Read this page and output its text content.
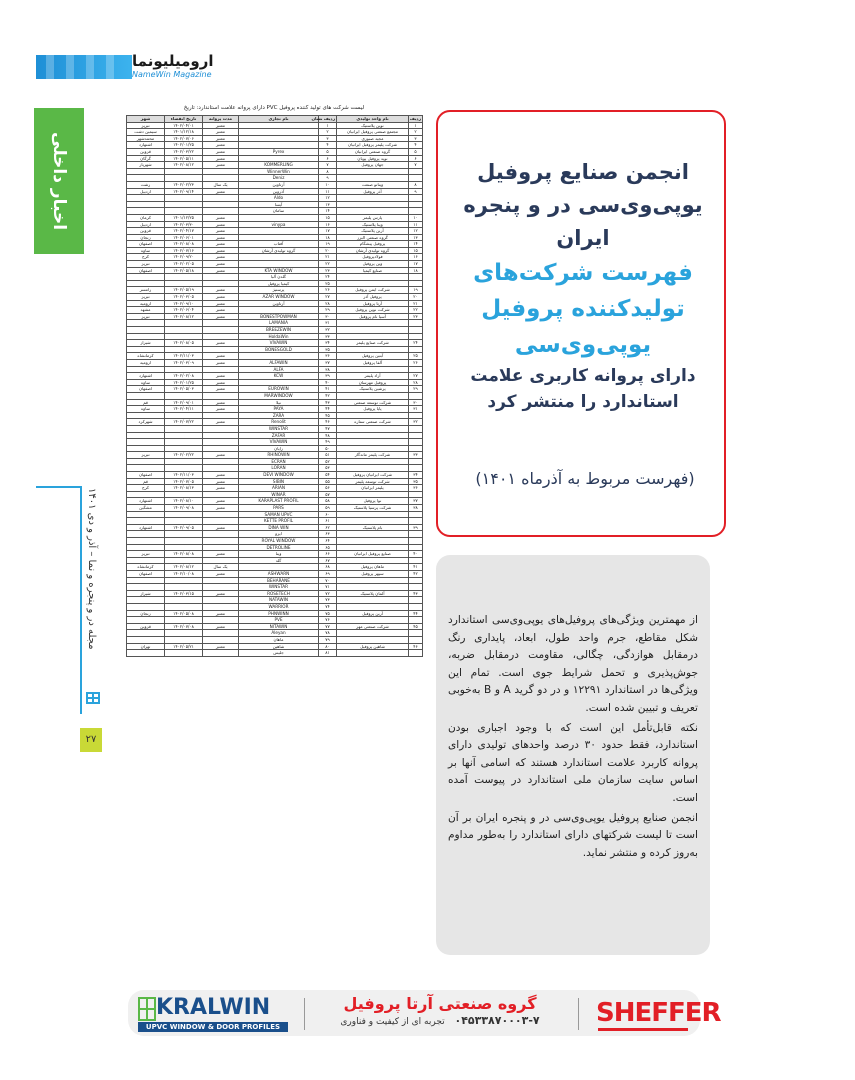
ارومیلیونما
NameWin Magazine
اخبار داخلی
مجله در و پنجره و نما – آذر و دی ۱۴۰۱
۲۷
لیست شرکت های تولید کننده پروفیل PVC دارای پروانه علامت استاندارد: تاریخ
ردیف	نام واحد تولیدی	ردیف نشان	نام تجاری	مدت پروانه	تاریخ انقضاء	شهر
۱	نوین پلاستیک	۱		معتبر	۱۴۰۲/۰۴/۰۱	تبریز
۲	مجتمع صنعتی پروفیل ایرانیان	۲		معتبر	۱۴۰۱/۱۲/۱۸	سیمین دشت
۳	مجید صبوری	۳		معتبر	۱۴۰۲/۰۷/۰۶	محمدشهر
۴	شرکت پلیمر پروفیل ایرانیان	۴		معتبر	۱۴۰۲/۰۱/۲۵	اشتهارد
۵	گروه صنعتی ایرانیان	۵	Pyrex	معتبر	۱۴۰۲/۰۳/۲۲	قزوین
۶	نوید پروفیل پویان	۶		معتبر	۱۴۰۲/۰۵/۱۱	گرگان
۷	جهان پروفیل	۷	KOMMERLING	معتبر	۱۴۰۲/۰۸/۱۲	شهریار
		۸	WinnerWin			
		۹	Deniz			
۸	ویناتو صنعت	۱۰	آرتاوین	یک سال	۱۴۰۲/۰۲/۲۳	رشت
۹	آذر پروفیل	۱۱	آذروین	معتبر	۱۴۰۲/۰۹/۱۴	اردبیل
		۱۲	Aldo			
		۱۳	آیسا			
		۱۴	سامان			
۱۰	پارس پلیمر	۱۵		معتبر	۱۴۰۱/۱۲/۲۵	کرمان
۱۱	وینا پلاستیک	۱۶	vinypa	معتبر	۱۴۰۲/۰۳/۳۰	اردبیل
۱۲	آرین پلاستیک	۱۷		معتبر	۱۴۰۲/۰۴/۱۷	قزوین
۱۳	گروه صنعتی البرز	۱۸		معتبر	۱۴۰۲/۰۶/۰۱	زنجان
۱۴	پروفیل پیشگام	۱۹	آفتاب	معتبر	۱۴۰۲/۰۸/۰۸	اصفهان
۱۵	گروه تولیدی آرشان	۲۰	گروه تولیدی آرشان	معتبر	۱۴۰۲/۰۷/۱۶	ساوه
۱۶	فولادپروفیل	۲۱		معتبر	۱۴۰۲/۰۹/۲۰	کرج
۱۷	وین پروفیل	۲۲		معتبر	۱۴۰۲/۰۲/۰۵	تبریز
۱۸	صنایع کیمیا	۲۳	KTA WINDOW	معتبر	۱۴۰۲/۰۵/۱۸	اصفهان
		۲۴	گلدن آلبا			
		۲۵	کیمیا پروفیل			
۱۹	شرکت ایمن پروفیل	۲۶	پرستیژ	معتبر	۱۴۰۲/۰۵/۱۹	رامسر
۲۰	پروفیل آذر	۲۷	AZAR WINDOW	معتبر	۱۴۰۲/۰۳/۰۵	تبریز
۲۱	آرتا پروفیل	۲۸	آرتاوین	معتبر	۱۴۰۲/۰۹/۱۰	ارومیه
۲۲	شرکت نوین پروفیل	۲۹		معتبر	۱۴۰۲/۰۶/۰۴	مشهد
۲۳	آسیا نام پروفیل	۳۰	BONESTPOWMAN	معتبر	۱۴۰۲/۰۸/۱۲	تبریز
		۳۱	LAMANIA			
		۳۲	BREEZEWIN			
		۳۳	HoldaWin			
۲۴	شرکت صنایع پلیمر	۳۴	VIVAWIN	معتبر	۱۴۰۲/۰۸/۰۵	شیراز
		۳۵	BONESGOLD			
۲۵	آبتین پروفیل	۳۶		معتبر	۱۴۰۲/۱۱/۰۳	کرمانشاه
۲۶	آلفا پروفیل	۳۷	ALFAWIN	معتبر	۱۴۰۲/۰۳/۰۹	ارومیه
		۳۸	ALFA			
۲۷	آراد پلیمر	۳۹	KCW	معتبر	۱۴۰۲/۰۲/۰۸	اشتهارد
۲۸	پروفیل مهرسان	۴۰		معتبر	۱۴۰۲/۰۱/۲۵	ساوه
۲۹	پرشین پلاستیک	۴۱	EUROWIN	معتبر	۱۴۰۲/۰۵/۰۳	اصفهان
		۴۲	MARWINDOW			
۳۰	شرکت توسعه صنعتی	۴۳	نیلا	معتبر	۱۴۰۲/۰۹/۰۱	قم
۳۱	پایا پروفیل	۴۴	PAYA	معتبر	۱۴۰۲/۰۴/۱۱	ساوه
		۴۵	ZARA			
۳۲	شرکت صنعتی ستاره	۴۶	Renolit	معتبر	۱۴۰۲/۰۷/۲۲	شهرکرد
		۴۷	WINSTAR			
		۴۸	ZAFAR			
		۴۹	VIVAWIN			
		۵۰	رایان			
۳۳	شرکت پلیمر ماندگار	۵۱	RHINOWIN	معتبر	۱۴۰۲/۰۲/۲۲	تبریز
		۵۲	ECRAN			
		۵۳	LORAN			
۳۴	شرکت ایرانیان پروفیل	۵۴	DEVI WINDOW	معتبر	۱۴۰۲/۱۱/۰۳	اصفهان
۳۵	شرکت توسعه پلیمر	۵۵	SIBIN	معتبر	۱۴۰۲/۰۷/۰۵	قم
۳۶	پلیمر ایرانیان	۵۶	ARIAN	معتبر	۱۴۰۲/۰۸/۱۳	کرج
		۵۷	WINAR			
۳۷	نوا پروفیل	۵۸	KARAPLAST PROFIL	معتبر	۱۴۰۲/۰۸/۱۰	اشتهارد
۳۸	شرکت پرسیا پلاستیک	۵۹	PARS	معتبر	۱۴۰۲/۰۹/۰۸	مشگین
		۶۰	SAMAN UPVC			
		۶۱	KETTE PROFIL			
۳۹	بام پلاستیک	۶۲	DINA WIN	معتبر	۱۴۰۲/۰۹/۰۵	اشتهارد
		۶۳	ایزو			
		۶۴	ROYAL WINDOW			
		۶۵	DETROLINE			
۴۰	صنایع پروفیل ایرانیان	۶۶	وینا	معتبر	۱۴۰۲/۰۸/۰۸	تبریز
		۶۷	گلد			
۴۱	ماهان پروفیل	۶۸		یک سال	۱۴۰۲/۰۸/۱۲	کرمانشاه
۴۲	سپهر پروفیل	۶۹	ASHWARN	معتبر	۱۴۰۲/۱۰/۰۸	اصفهان
		۷۰	BEHARANE			
		۷۱	WINSTAR			
۴۳	آلمان پلاستیک	۷۲	ROSETECH	معتبر	۱۴۰۲/۰۳/۱۵	شیراز
		۷۳	NATAWIN			
		۷۴	WARRIOR			
۴۴	آرین پروفیل	۷۵	PHNWINN	معتبر	۱۴۰۲/۰۵/۰۸	زنجان
		۷۶	PVE			
۴۵	شرکت صنعتی مهر	۷۷	NITAWIN	معتبر	۱۴۰۲/۰۷/۰۸	قزوین
		۷۸	Aleyan			
		۷۹	ماهان			
۴۶	شاهین پروفیل	۸۰	شاهین	معتبر	۱۴۰۲/۰۵/۲۱	تهران
		۸۱	جلیس			
انجمن صنایع پروفیل
یوپی‌وی‌سی در و پنجره ایران
فهرست شرکت‌های
تولیدکننده پروفیل
یوپی‌وی‌سی
دارای پروانه کاربری علامت
استاندارد را منتشر کرد
(فهرست مربوط به آذرماه ۱۴۰۱)

از مهمترین ویژگی‌های پروفیل‌های یوپی‌وی‌سی استاندارد شکل مقاطع، جرم واحد طول، ابعاد، پایداری رنگ درمقابل هوازدگی، چگالی، مقاومت درمقابل ضربه، جوش‌پذیری و تحمل شرایط جوی است. تمام این ویژگی‌ها در استاندارد ۱۲۲۹۱ و در دو گرید A و B به‌خوبی تعریف و تبیین شده است.

نکته قابل‌تأمل این است که با وجود اجباری بودن استاندارد، فقط حدود ۳۰ درصد واحدهای تولیدی دارای پروانه کاربرد علامت استاندارد هستند که اسامی آنها بر اساس سایت سازمان ملی استاندارد در پیوست آمده است.

انجمن صنایع پروفیل یوپی‌وی‌سی در و پنجره ایران بر آن است تا لیست شرکتهای دارای استاندارد را به‌طور مداوم به‌روز کرده و منتشر نماید.

KRALWIN
UPVC WINDOW & DOOR PROFILES
گروه صنعتی آرتا پروفیل
۰۴۵۳۳۸۷۰۰۰۳-۷ تجربه ای از کیفیت و فناوری	SHEFFER
